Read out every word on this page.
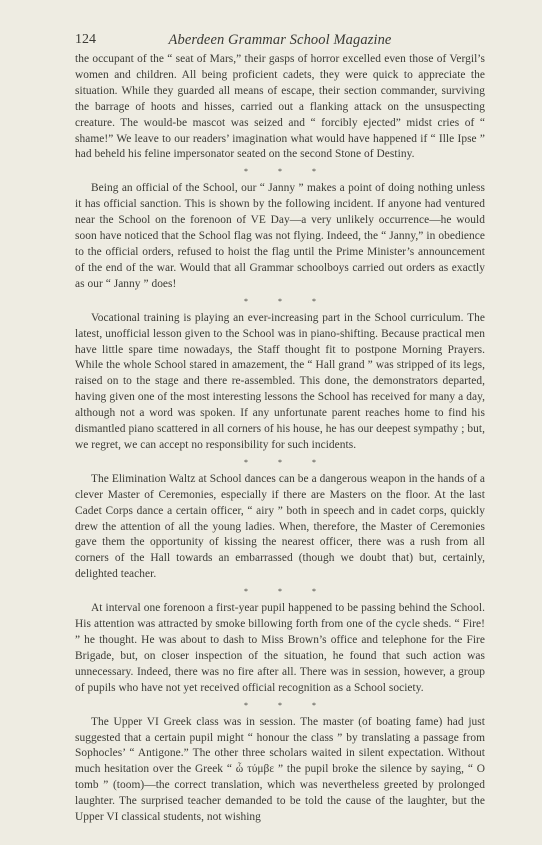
124	Aberdeen Grammar School Magazine

the occupant of the “ seat of Mars,” their gasps of horror excelled even those of Vergil’s women and children. All being proficient cadets, they were quick to appreciate the situation. While they guarded all means of escape, their section commander, surviving the barrage of hoots and hisses, carried out a flanking attack on the unsuspecting creature. The would-be mascot was seized and “ forcibly ejected” midst cries of “ shame!” We leave to our readers’ imagination what would have happened if “ Ille Ipse ” had beheld his feline impersonator seated on the second Stone of Destiny.

* * *

Being an official of the School, our “ Janny ” makes a point of doing nothing unless it has official sanction. This is shown by the following incident. If anyone had ventured near the School on the forenoon of VE Day—a very unlikely occurrence—he would soon have noticed that the School flag was not flying. Indeed, the “ Janny,” in obedience to the official orders, refused to hoist the flag until the Prime Minister’s announcement of the end of the war. Would that all Grammar schoolboys carried out orders as exactly as our “ Janny ” does!

* * *

Vocational training is playing an ever-increasing part in the School curriculum. The latest, unofficial lesson given to the School was in piano-shifting. Because practical men have little spare time nowadays, the Staff thought fit to postpone Morning Prayers. While the whole School stared in amazement, the “ Hall grand ” was stripped of its legs, raised on to the stage and there re-assembled. This done, the demonstrators departed, having given one of the most interesting lessons the School has received for many a day, although not a word was spoken. If any unfortunate parent reaches home to find his dismantled piano scattered in all corners of his house, he has our deepest sympathy ; but, we regret, we can accept no responsibility for such incidents.

* * *

The Elimination Waltz at School dances can be a dangerous weapon in the hands of a clever Master of Ceremonies, especially if there are Masters on the floor. At the last Cadet Corps dance a certain officer, “ airy ” both in speech and in cadet corps, quickly drew the attention of all the young ladies. When, therefore, the Master of Ceremonies gave them the opportunity of kissing the nearest officer, there was a rush from all corners of the Hall towards an embarrassed (though we doubt that) but, certainly, delighted teacher.

* * *

At interval one forenoon a first-year pupil happened to be passing behind the School. His attention was attracted by smoke billowing forth from one of the cycle sheds. “ Fire! ” he thought. He was about to dash to Miss Brown’s office and telephone for the Fire Brigade, but, on closer inspection of the situation, he found that such action was unnecessary. Indeed, there was no fire after all. There was in session, however, a group of pupils who have not yet received official recognition as a School society.

* * *

The Upper VI Greek class was in session. The master (of boating fame) had just suggested that a certain pupil might “ honour the class ” by translating a passage from Sophocles’ “ Antigone.” The other three scholars waited in silent expectation. Without much hesitation over the Greek “ ὦ τύμβε ” the pupil broke the silence by saying, “ O tomb ” (toom)—the correct translation, which was nevertheless greeted by prolonged laughter. The surprised teacher demanded to be told the cause of the laughter, but the Upper VI classical students, not wishing
